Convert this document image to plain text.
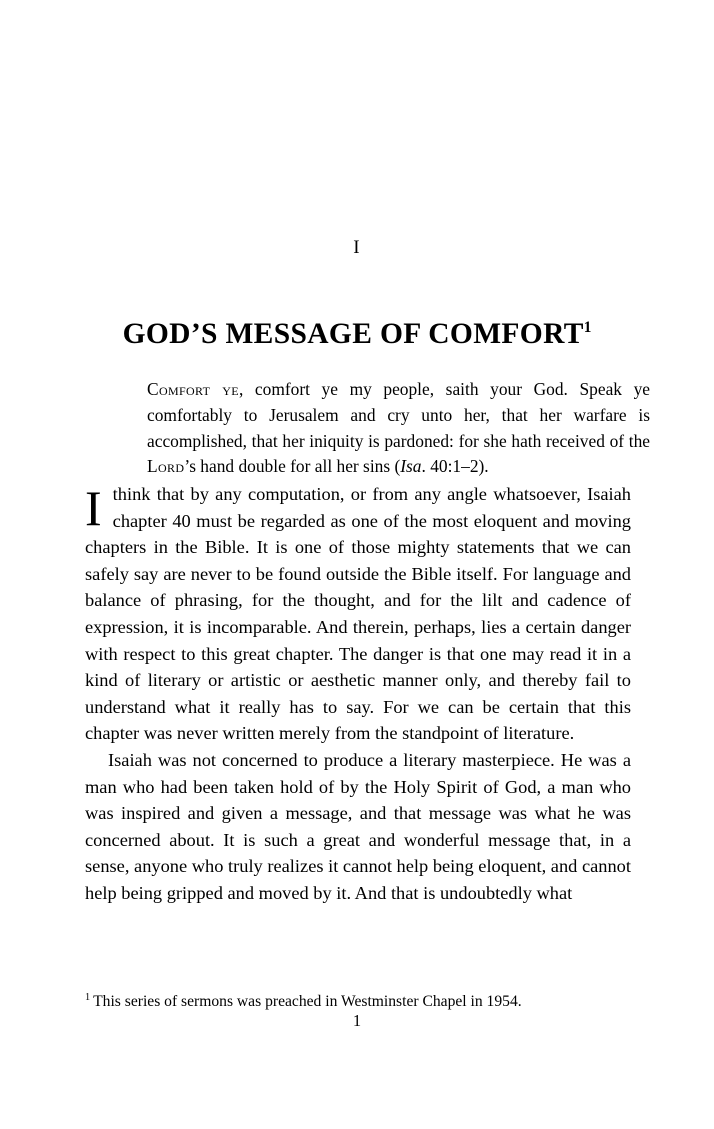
I
GOD’S MESSAGE OF COMFORT$^1$

Comfort ye, comfort ye my people, saith your God. Speak ye comfortably to Jerusalem and cry unto her, that her warfare is accomplished, that her iniquity is pardoned: for she hath received of the Lord’s hand double for all her sins (Isa. 40:1–2).

I think that by any computation, or from any angle whatsoever, Isaiah chapter 40 must be regarded as one of the most eloquent and moving chapters in the Bible. It is one of those mighty statements that we can safely say are never to be found outside the Bible itself. For language and balance of phrasing, for the thought, and for the lilt and cadence of expression, it is incomparable. And therein, perhaps, lies a certain danger with respect to this great chapter. The danger is that one may read it in a kind of literary or artistic or aesthetic manner only, and thereby fail to understand what it really has to say. For we can be certain that this chapter was never written merely from the standpoint of literature.

Isaiah was not concerned to produce a literary masterpiece. He was a man who had been taken hold of by the Holy Spirit of God, a man who was inspired and given a message, and that message was what he was concerned about. It is such a great and wonderful message that, in a sense, anyone who truly realizes it cannot help being eloquent, and cannot help being gripped and moved by it. And that is undoubtedly what

$^1$ This series of sermons was preached in Westminster Chapel in 1954.
1
